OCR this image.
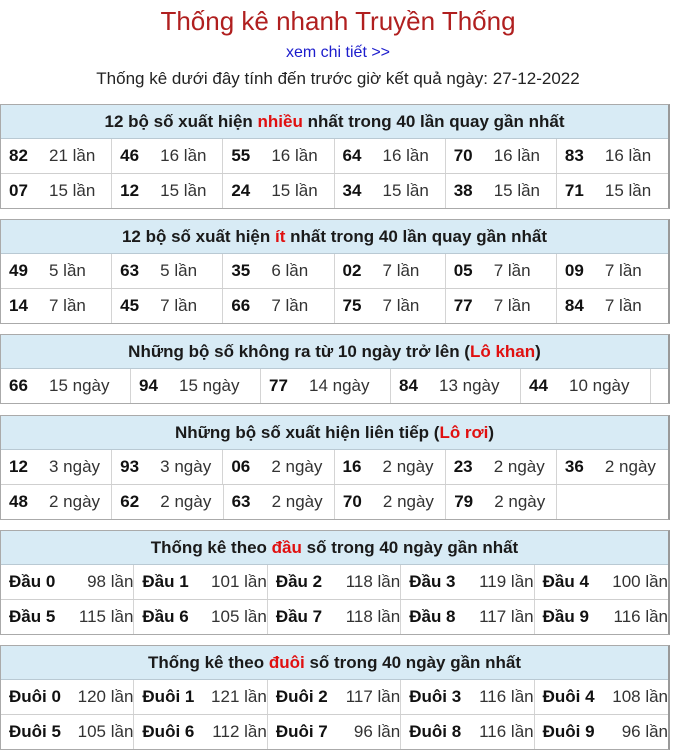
Thống kê nhanh Truyền Thống
xem chi tiết >>
Thống kê dưới đây tính đến trước giờ kết quả ngày: 27-12-2022
12 bộ số xuất hiện nhiều nhất trong 40 lần quay gần nhất
82	21 lần	46	16 lần	55	16 lần	64	16 lần	70	16 lần	83	16 lần
07	15 lần	12	15 lần	24	15 lần	34	15 lần	38	15 lần	71	15 lần
12 bộ số xuất hiện ít nhất trong 40 lần quay gần nhất
49	5 lần	63	5 lần	35	6 lần	02	7 lần	05	7 lần	09	7 lần
14	7 lần	45	7 lần	66	7 lần	75	7 lần	77	7 lần	84	7 lần
Những bộ số không ra từ 10 ngày trở lên (Lô khan)
66	15 ngày 94	15 ngày 77	14 ngày 84	13 ngày 44	10 ngày
Những bộ số xuất hiện liên tiếp (Lô rơi)
12	3 ngày	93	3 ngày	06	2 ngày	16	2 ngày	23	2 ngày	36	2 ngày
48	2 ngày	62	2 ngày	63	2 ngày	70	2 ngày	79	2 ngày
Thống kê theo đầu số trong 40 ngày gần nhất
Đầu 0	98 lần Đầu 1	101 lần Đầu 2	118 lần Đầu 3	119 lần Đầu 4	100 lần
Đầu 5	115 lần Đầu 6	105 lần Đầu 7	118 lần Đầu 8	117 lần Đầu 9	116 lần
Thống kê theo đuôi số trong 40 ngày gần nhất
Đuôi 0 120 lần Đuôi 1 121 lần Đuôi 2	117 lần Đuôi 3	116 lần Đuôi 4	108 lần
Đuôi 5 105 lần Đuôi 6	112 lần Đuôi 7	96 lần Đuôi 8	116 lần Đuôi 9	96 lần
